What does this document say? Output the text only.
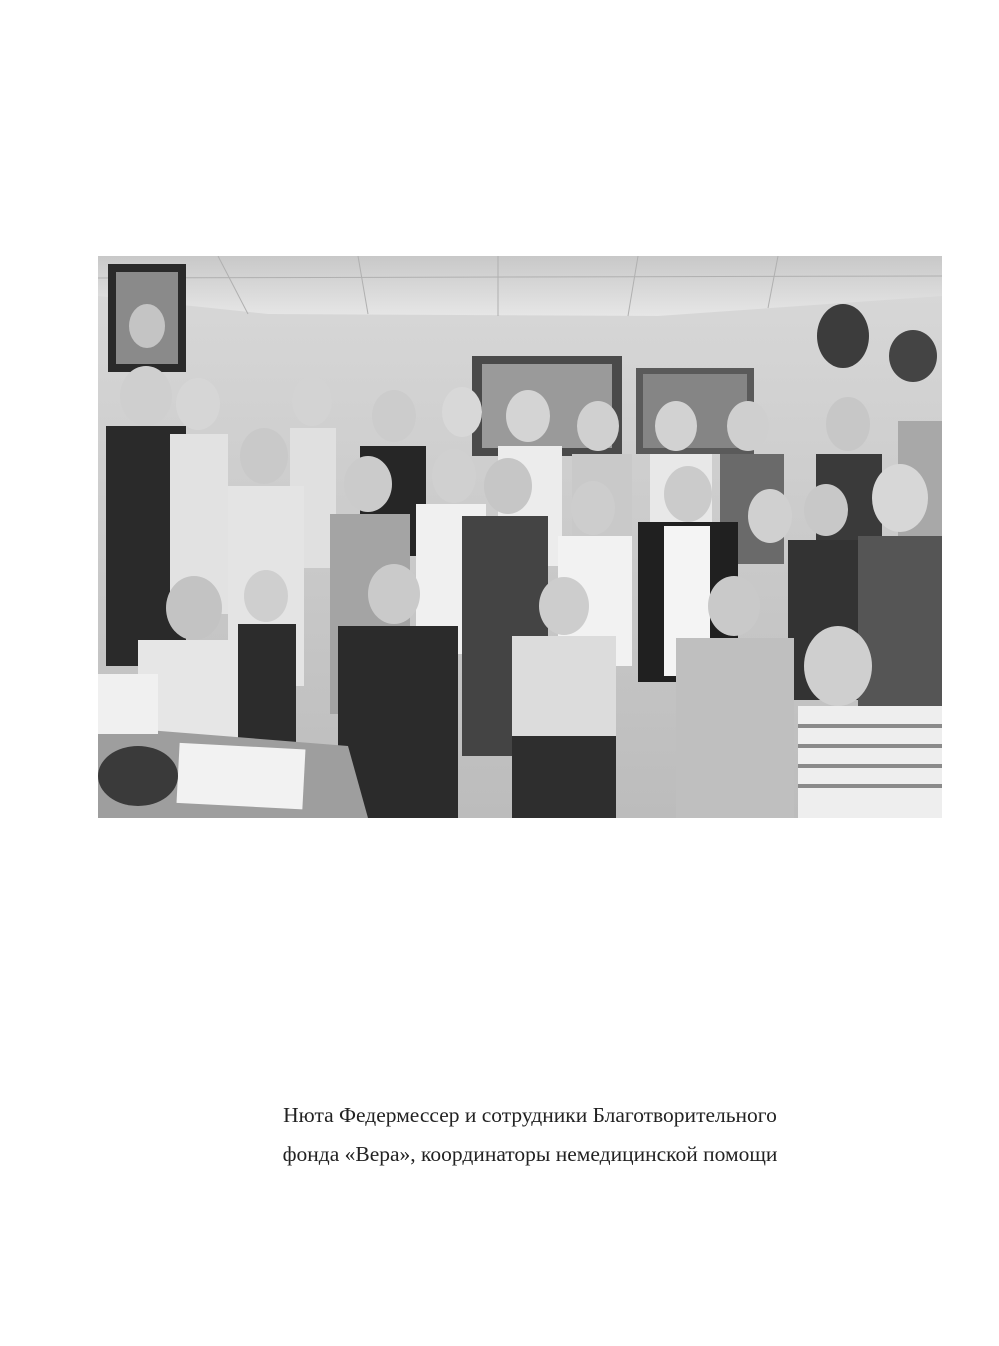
Нюта Федермессер и сотрудники Благотворительного
фонда «Вера», координаторы немедицинской помощи
